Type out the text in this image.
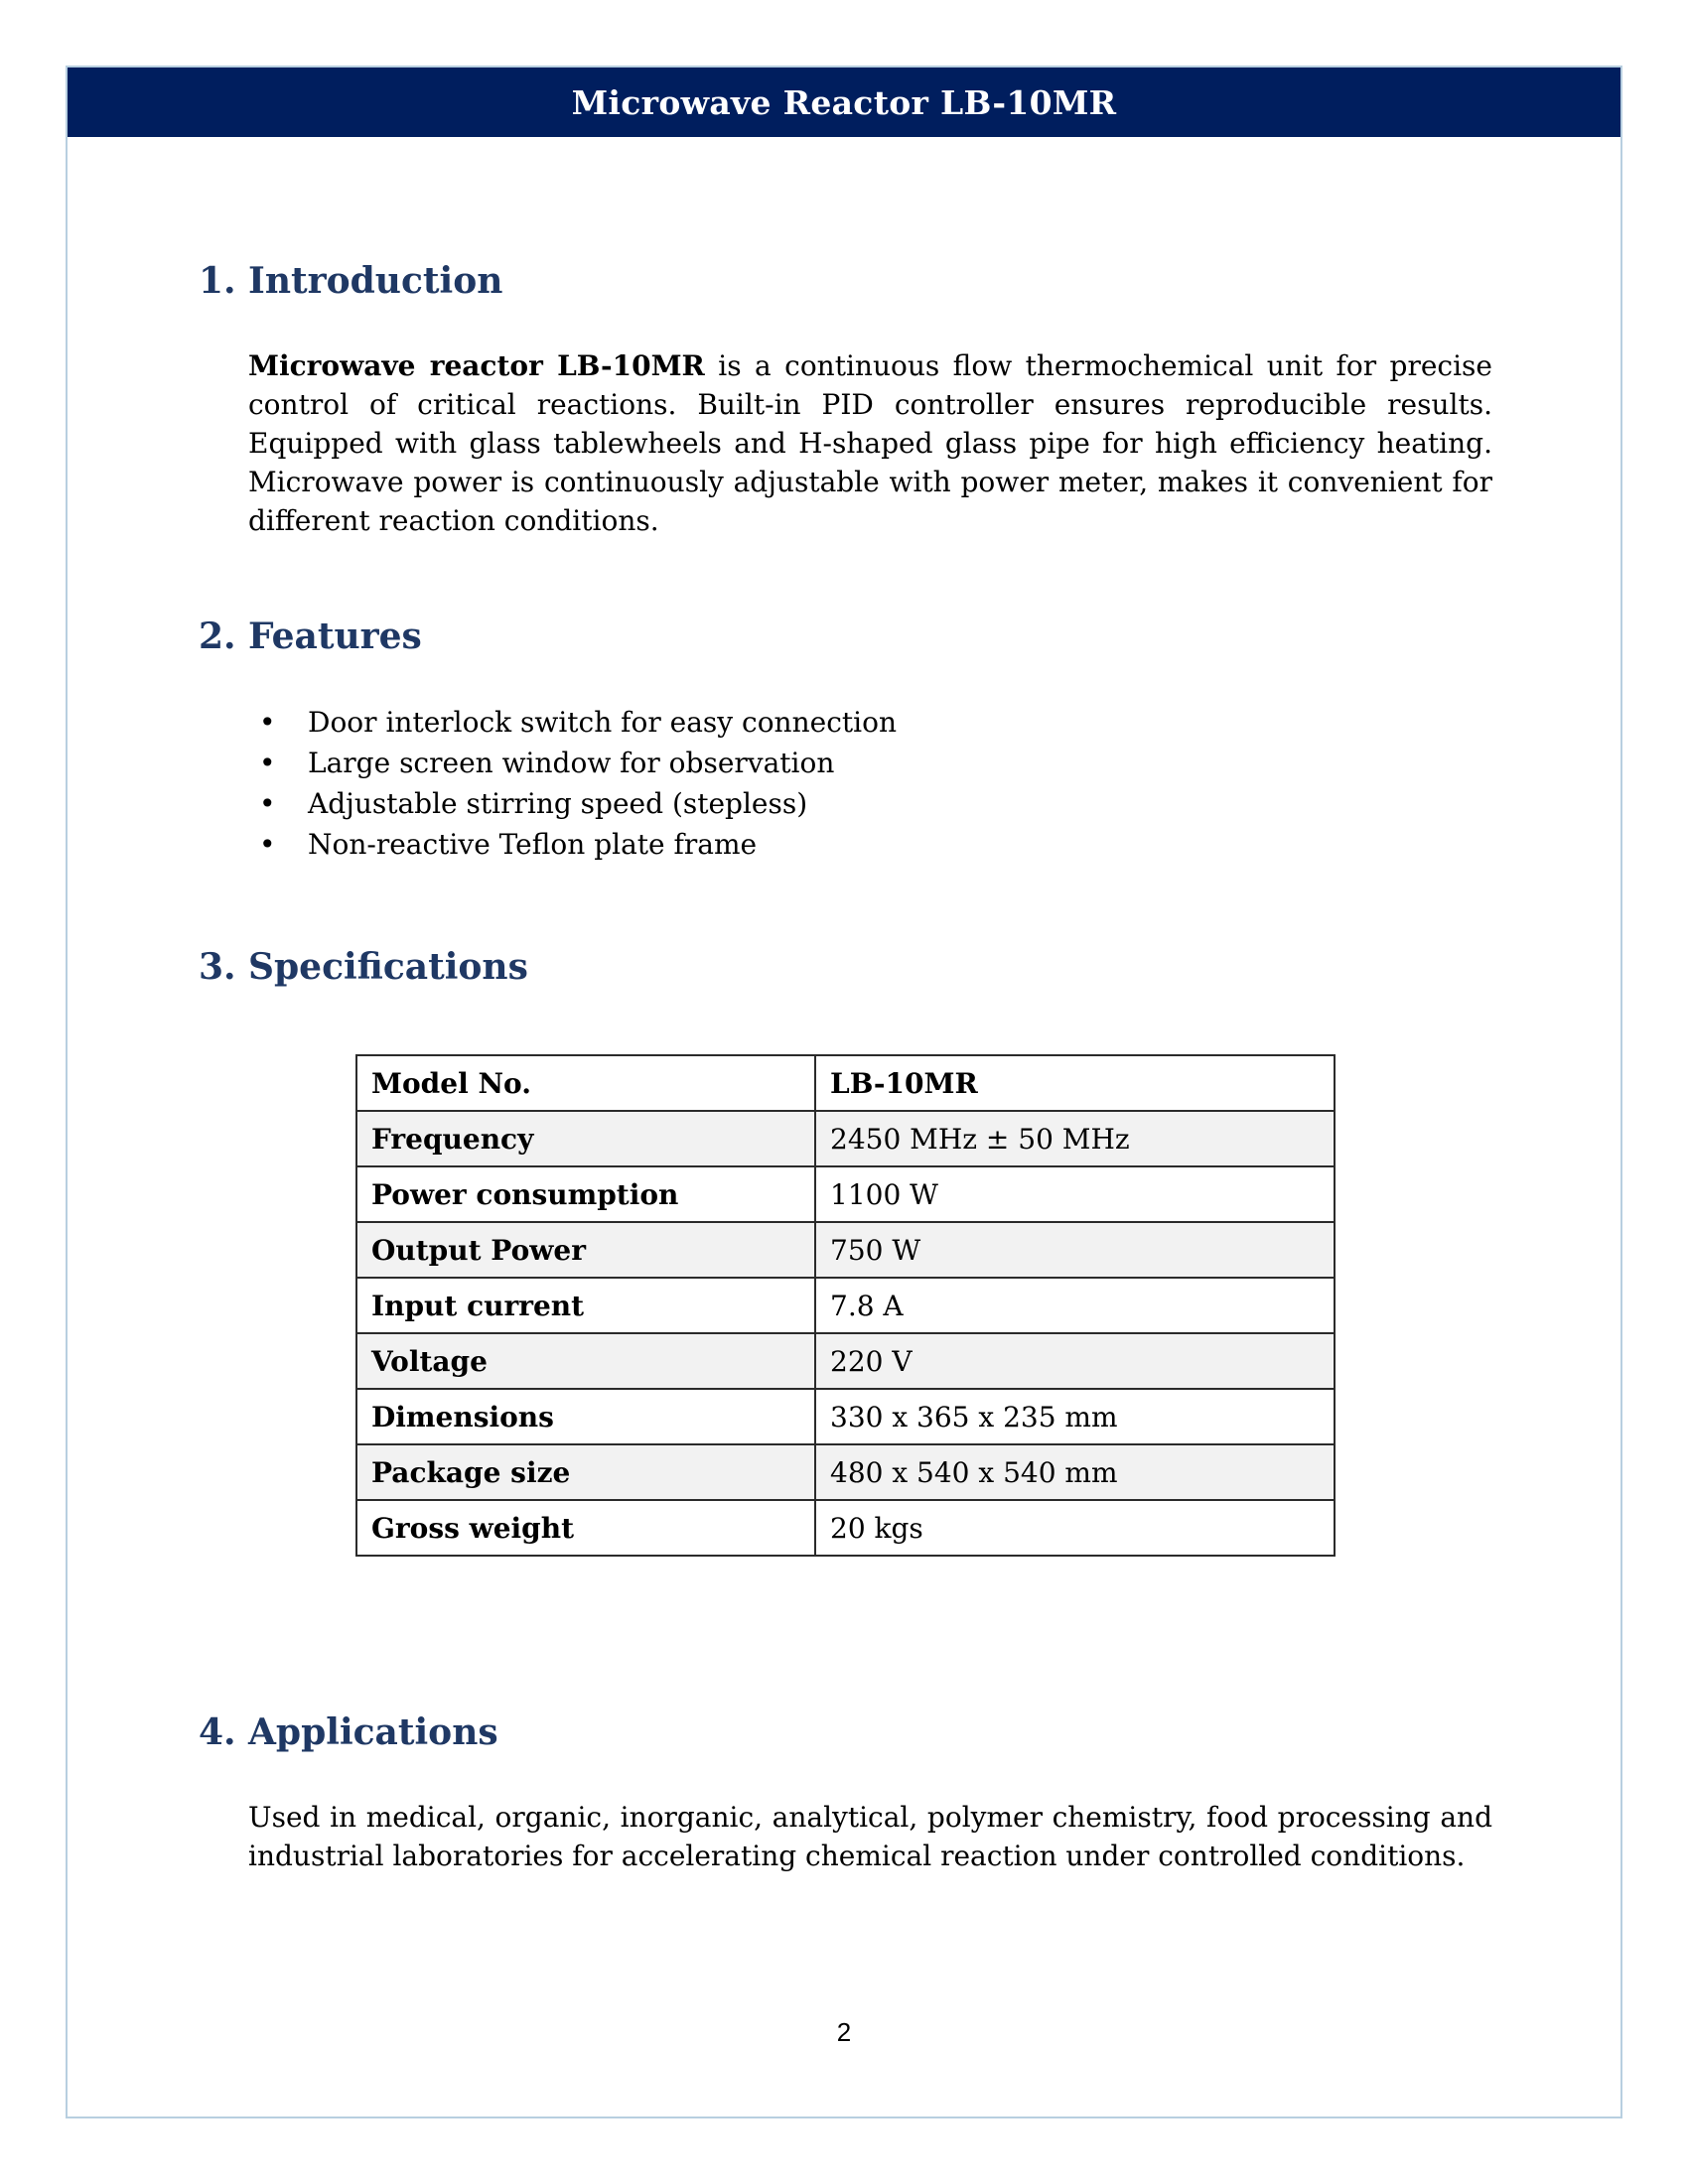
Microwave Reactor LB-10MR
1. Introduction

Microwave reactor LB-10MR is a continuous flow thermochemical unit for precise control of critical reactions. Built-in PID controller ensures reproducible results. Equipped with glass tablewheels and H-shaped glass pipe for high efficiency heating. Microwave power is continuously adjustable with power meter, makes it convenient for different reaction conditions.

2. Features
• Door interlock switch for easy connection
• Large screen window for observation
• Adjustable stirring speed (stepless)
• Non-reactive Teflon plate frame
3. Specifications
Model No.	LB-10MR
Frequency	2450 MHz ± 50 MHz
Power consumption	1100 W
Output Power	750 W
Input current	7.8 A
Voltage	220 V
Dimensions	330 x 365 x 235 mm
Package size	480 x 540 x 540 mm
Gross weight	20 kgs
4. Applications

Used in medical, organic, inorganic, analytical, polymer chemistry, food processing and industrial laboratories for accelerating chemical reaction under controlled conditions.

2
